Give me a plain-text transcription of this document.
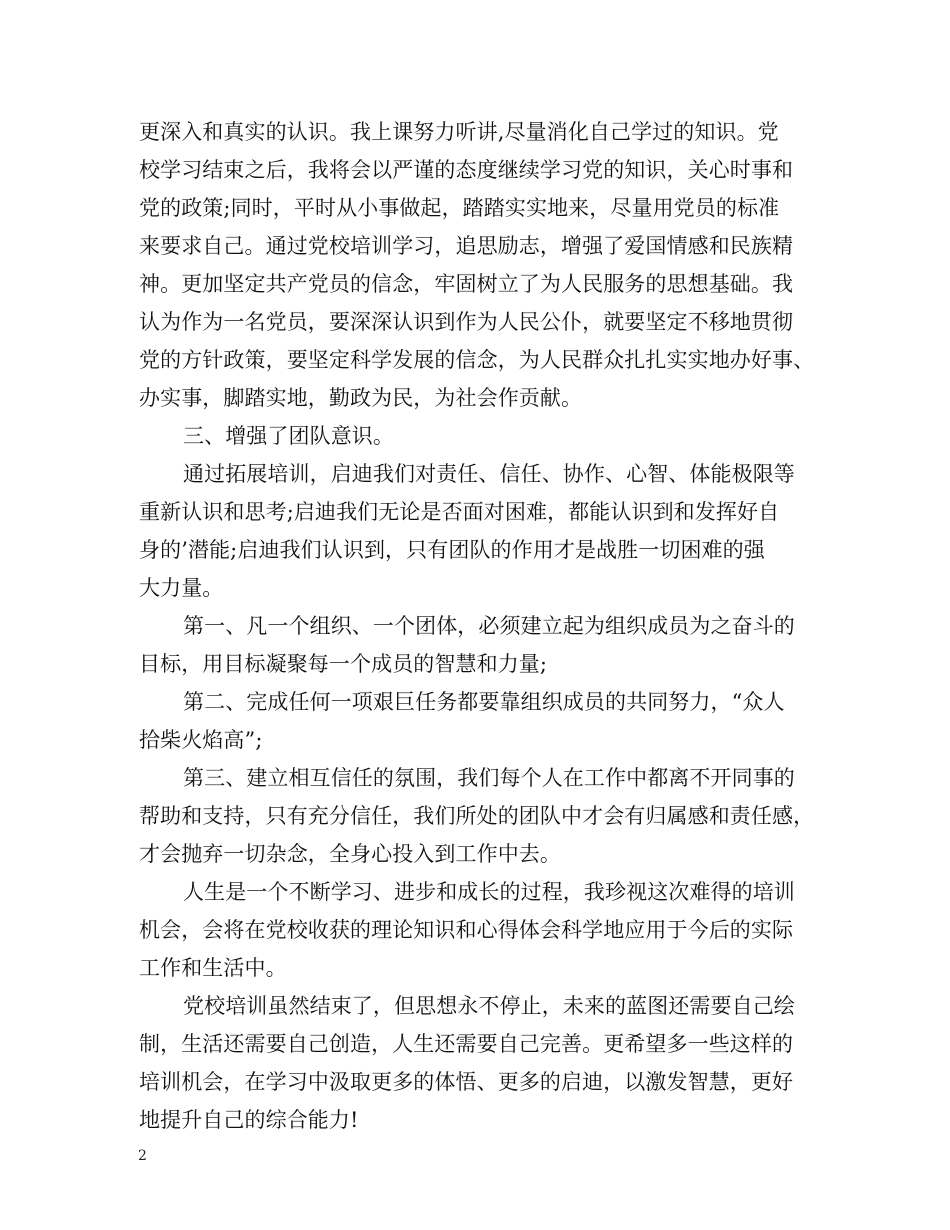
更深入和真实的认识。我上课努力听讲,尽量消化自己学过的知识。党
校学习结束之后，我将会以严谨的态度继续学习党的知识，关心时事和
党的政策;同时，平时从小事做起，踏踏实实地来，尽量用党员的标准
来要求自己。通过党校培训学习，追思励志，增强了爱国情感和民族精
神。更加坚定共产党员的信念，牢固树立了为人民服务的思想基础。我
认为作为一名党员，要深深认识到作为人民公仆，就要坚定不移地贯彻
党的方针政策，要坚定科学发展的信念，为人民群众扎扎实实地办好事、
办实事，脚踏实地，勤政为民，为社会作贡献。
三、增强了团队意识。
通过拓展培训，启迪我们对责任、信任、协作、心智、体能极限等
重新认识和思考;启迪我们无论是否面对困难，都能认识到和发挥好自
身的’潜能;启迪我们认识到，只有团队的作用才是战胜一切困难的强
大力量。
第一、凡一个组织、一个团体，必须建立起为组织成员为之奋斗的
目标，用目标凝聚每一个成员的智慧和力量;
第二、完成任何一项艰巨任务都要靠组织成员的共同努力，“众人
拾柴火焰高”;
第三、建立相互信任的氛围，我们每个人在工作中都离不开同事的
帮助和支持，只有充分信任，我们所处的团队中才会有归属感和责任感，
才会抛弃一切杂念，全身心投入到工作中去。
人生是一个不断学习、进步和成长的过程，我珍视这次难得的培训
机会，会将在党校收获的理论知识和心得体会科学地应用于今后的实际
工作和生活中。
党校培训虽然结束了，但思想永不停止，未来的蓝图还需要自己绘
制，生活还需要自己创造，人生还需要自己完善。更希望多一些这样的
培训机会，在学习中汲取更多的体悟、更多的启迪，以激发智慧，更好
地提升自己的综合能力!
2
